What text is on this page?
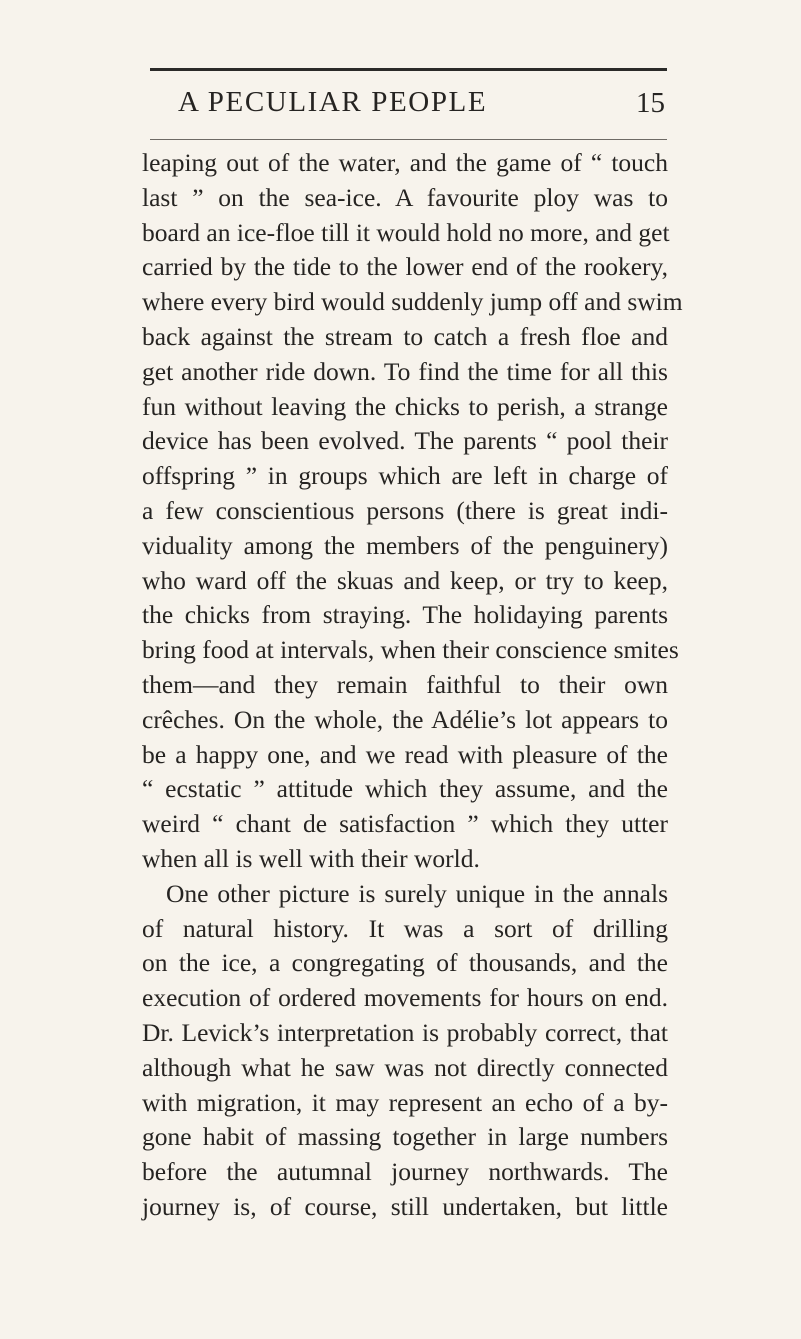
A PECULIAR PEOPLE	15
leaping out of the water, and the game of “ touch
last ” on the sea-ice. A favourite ploy was to
board an ice-floe till it would hold no more, and get
carried by the tide to the lower end of the rookery,
where every bird would suddenly jump off and swim
back against the stream to catch a fresh floe and
get another ride down. To find the time for all this
fun without leaving the chicks to perish, a strange
device has been evolved. The parents “ pool their
offspring ” in groups which are left in charge of
a few conscientious persons (there is great indi-
viduality among the members of the penguinery)
who ward off the skuas and keep, or try to keep,
the chicks from straying. The holidaying parents
bring food at intervals, when their conscience smites
them—and they remain faithful to their own
crêches. On the whole, the Adélie’s lot appears to
be a happy one, and we read with pleasure of the
“ ecstatic ” attitude which they assume, and the
weird “ chant de satisfaction ” which they utter
when all is well with their world.
One other picture is surely unique in the annals
of natural history. It was a sort of drilling
on the ice, a congregating of thousands, and the
execution of ordered movements for hours on end.
Dr. Levick’s interpretation is probably correct, that
although what he saw was not directly connected
with migration, it may represent an echo of a by-
gone habit of massing together in large numbers
before the autumnal journey northwards. The
journey is, of course, still undertaken, but little
